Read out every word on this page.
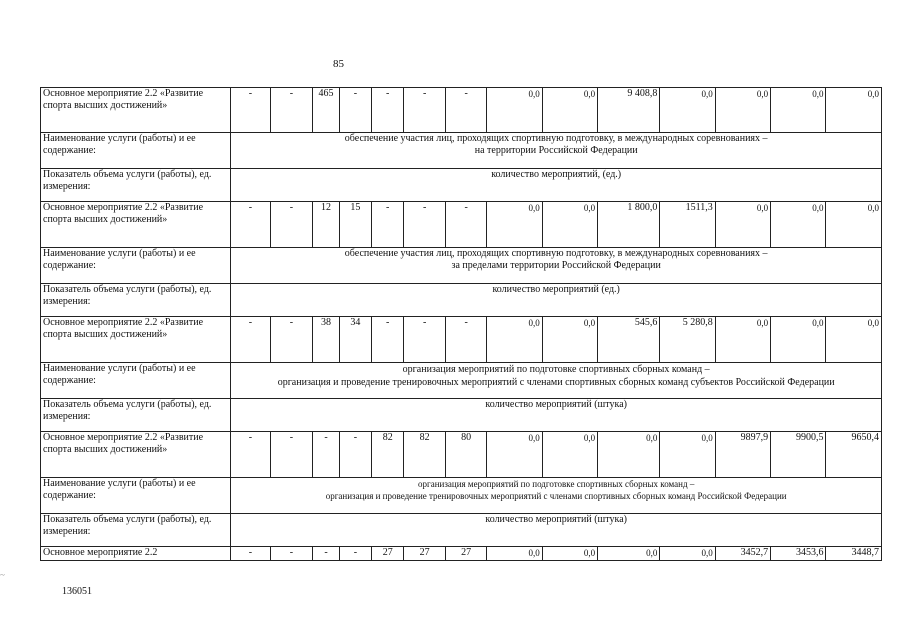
85
Основное мероприятие 2.2 «Развитие спорта высших достижений»	-	-	465	-	-	-	-	0,0	0,0	9 408,8	0,0	0,0	0,0	0,0
Наименование услуги (работы) и ее содержание:	обеспечение участия лиц, проходящих спортивную подготовку, в международных соревнованиях –
на территории Российской Федерации													

Показатель объема услуги (работы), ед. измерения:	количество мероприятий, (ед.)													
Основное мероприятие 2.2 «Развитие спорта высших достижений»	-	-	12	15	-	-	-	0,0	0,0	1 800,0	1511,3	0,0	0,0	0,0
Наименование услуги (работы) и ее содержание:	обеспечение участия лиц, проходящих спортивную подготовку, в международных соревнованиях –
за пределами территории Российской Федерации													

Показатель объема услуги (работы), ед. измерения:	количество мероприятий (ед.)													
Основное мероприятие 2.2 «Развитие спорта высших достижений»	-	-	38	34	-	-	-	0,0	0,0	545,6	5 280,8	0,0	0,0	0,0
Наименование услуги (работы) и ее содержание:	организация мероприятий по подготовке спортивных сборных команд –
организация и проведение тренировочных мероприятий с членами спортивных сборных команд субъектов Российской Федерации													

Показатель объема услуги (работы), ед. измерения:	количество мероприятий (штука)													
Основное мероприятие 2.2 «Развитие спорта высших достижений»	-	-	-	-	82	82	80	0,0	0,0	0,0	0,0	9897,9	9900,5	9650,4
Наименование услуги (работы) и ее содержание:	организация мероприятий по подготовке спортивных сборных команд –
организация и проведение тренировочных мероприятий с членами спортивных сборных команд Российской Федерации													

Показатель объема услуги (работы), ед. измерения:	количество мероприятий (штука)													
Основное мероприятие 2.2	-	-	-	-	27	27	27	0,0	0,0	0,0	0,0	3452,7	3453,6	3448,7
136051
~
